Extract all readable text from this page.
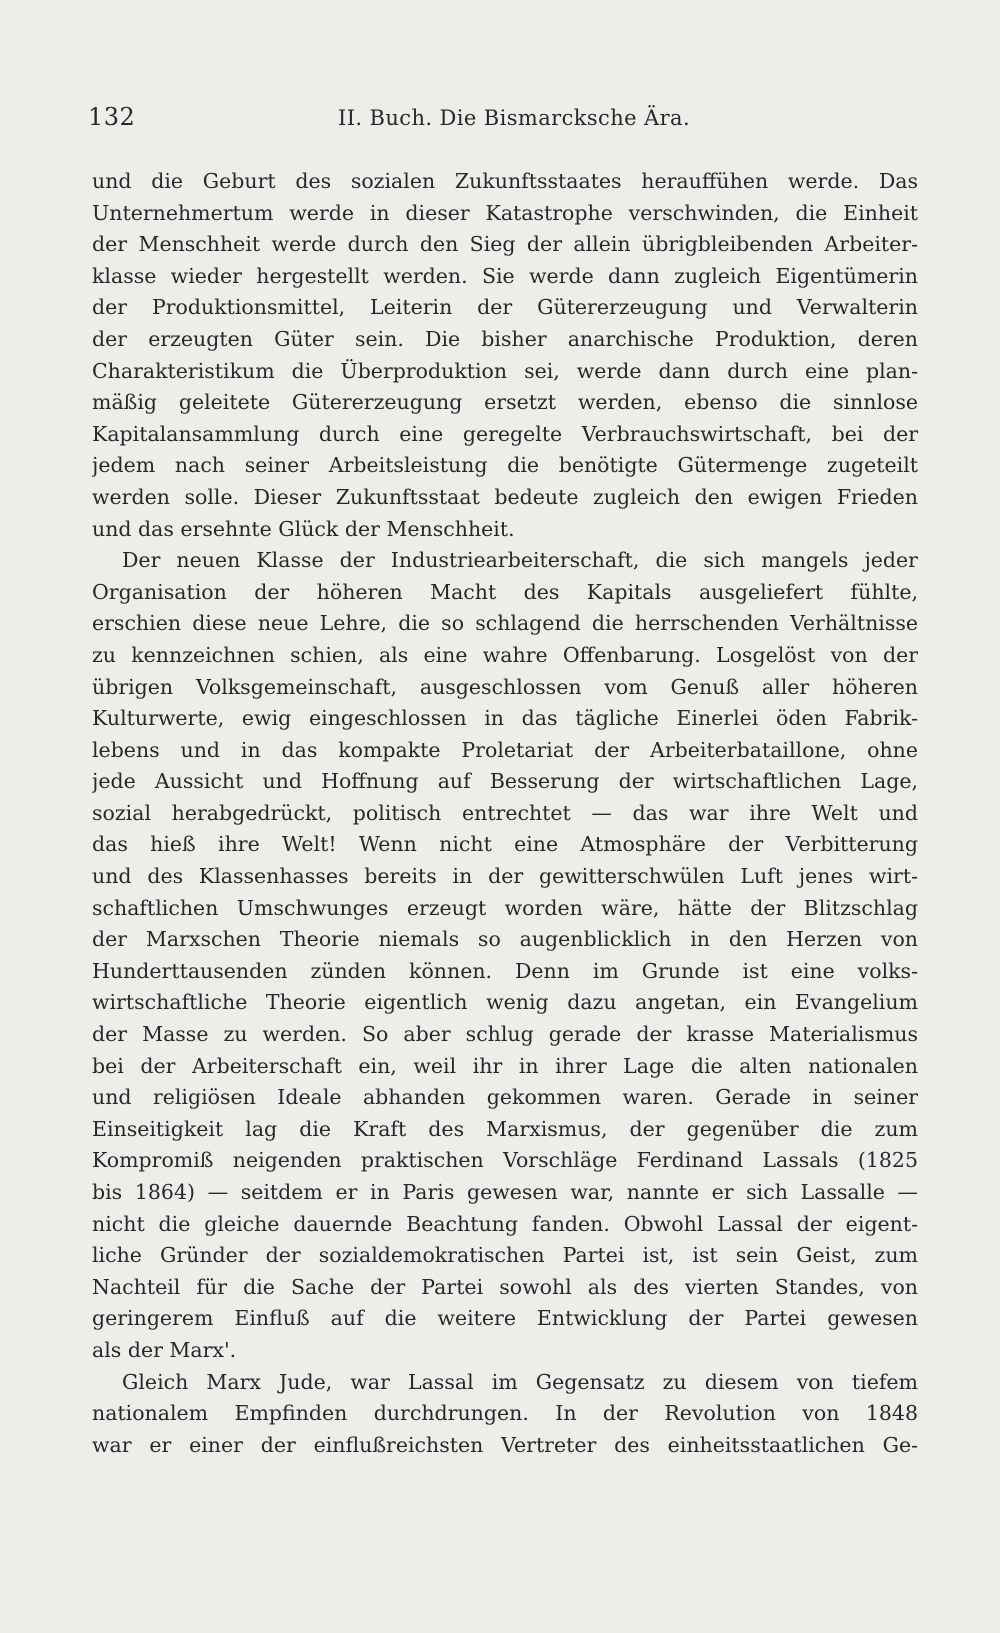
132	II. Buch. Die Bismarcksche Ära.
und die Geburt des sozialen Zukunftsstaates herauffühen werde. Das
Unternehmertum werde in dieser Katastrophe verschwinden, die Einheit
der Menschheit werde durch den Sieg der allein übrigbleibenden Arbeiter-
klasse wieder hergestellt werden. Sie werde dann zugleich Eigentümerin
der Produktionsmittel, Leiterin der Gütererzeugung und Verwalterin
der erzeugten Güter sein. Die bisher anarchische Produktion, deren
Charakteristikum die Überproduktion sei, werde dann durch eine plan-
mäßig geleitete Gütererzeugung ersetzt werden, ebenso die sinnlose
Kapitalansammlung durch eine geregelte Verbrauchswirtschaft, bei der
jedem nach seiner Arbeitsleistung die benötigte Gütermenge zugeteilt
werden solle. Dieser Zukunftsstaat bedeute zugleich den ewigen Frieden
und das ersehnte Glück der Menschheit.
Der neuen Klasse der Industriearbeiterschaft, die sich mangels jeder
Organisation der höheren Macht des Kapitals ausgeliefert fühlte,
erschien diese neue Lehre, die so schlagend die herrschenden Verhältnisse
zu kennzeichnen schien, als eine wahre Offenbarung. Losgelöst von der
übrigen Volksgemeinschaft, ausgeschlossen vom Genuß aller höheren
Kulturwerte, ewig eingeschlossen in das tägliche Einerlei öden Fabrik-
lebens und in das kompakte Proletariat der Arbeiterbataillone, ohne
jede Aussicht und Hoffnung auf Besserung der wirtschaftlichen Lage,
sozial herabgedrückt, politisch entrechtet — das war ihre Welt und
das hieß ihre Welt! Wenn nicht eine Atmosphäre der Verbitterung
und des Klassenhasses bereits in der gewitterschwülen Luft jenes wirt-
schaftlichen Umschwunges erzeugt worden wäre, hätte der Blitzschlag
der Marxschen Theorie niemals so augenblicklich in den Herzen von
Hunderttausenden zünden können. Denn im Grunde ist eine volks-
wirtschaftliche Theorie eigentlich wenig dazu angetan, ein Evangelium
der Masse zu werden. So aber schlug gerade der krasse Materialismus
bei der Arbeiterschaft ein, weil ihr in ihrer Lage die alten nationalen
und religiösen Ideale abhanden gekommen waren. Gerade in seiner
Einseitigkeit lag die Kraft des Marxismus, der gegenüber die zum
Kompromiß neigenden praktischen Vorschläge Ferdinand Lassals (1825
bis 1864) — seitdem er in Paris gewesen war, nannte er sich Lassalle —
nicht die gleiche dauernde Beachtung fanden. Obwohl Lassal der eigent-
liche Gründer der sozialdemokratischen Partei ist, ist sein Geist, zum
Nachteil für die Sache der Partei sowohl als des vierten Standes, von
geringerem Einfluß auf die weitere Entwicklung der Partei gewesen
als der Marx'.
Gleich Marx Jude, war Lassal im Gegensatz zu diesem von tiefem
nationalem Empfinden durchdrungen. In der Revolution von 1848
war er einer der einflußreichsten Vertreter des einheitsstaatlichen Ge-
